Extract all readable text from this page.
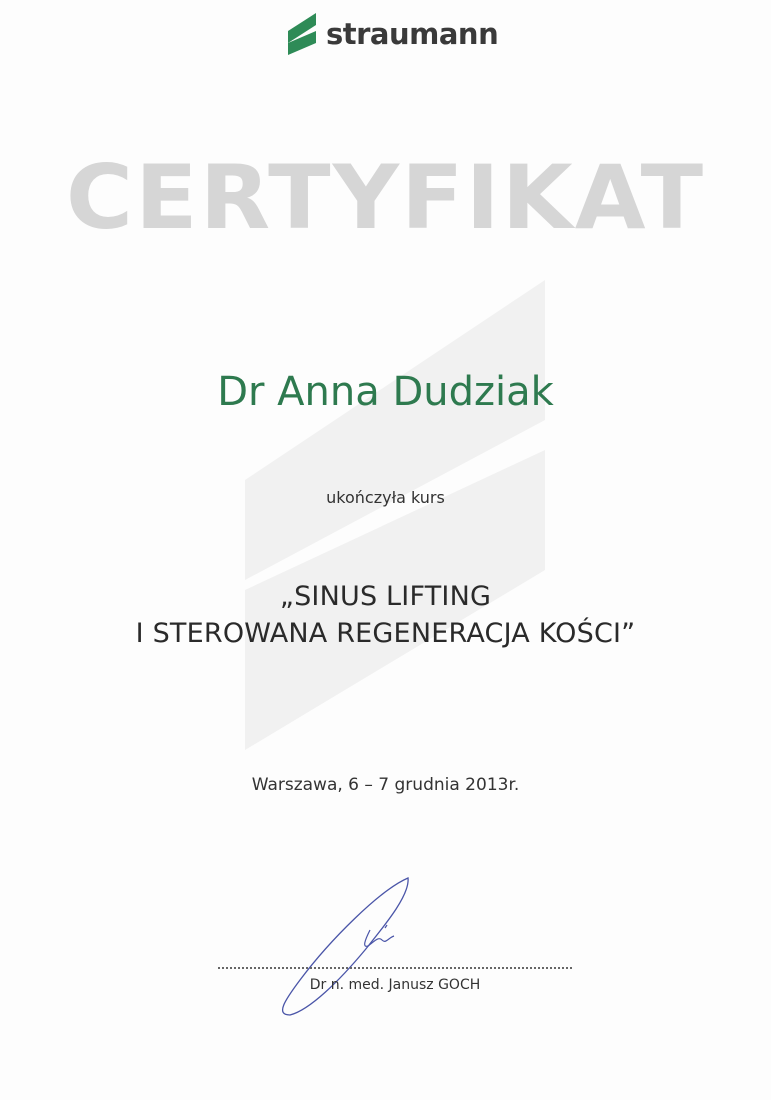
straumann
CERTYFIKAT
Dr Anna Dudziak
ukończyła kurs
„SINUS LIFTING
I STEROWANA REGENERACJA KOŚCI”
Warszawa, 6 – 7 grudnia 2013r.
Dr n. med. Janusz GOCH
